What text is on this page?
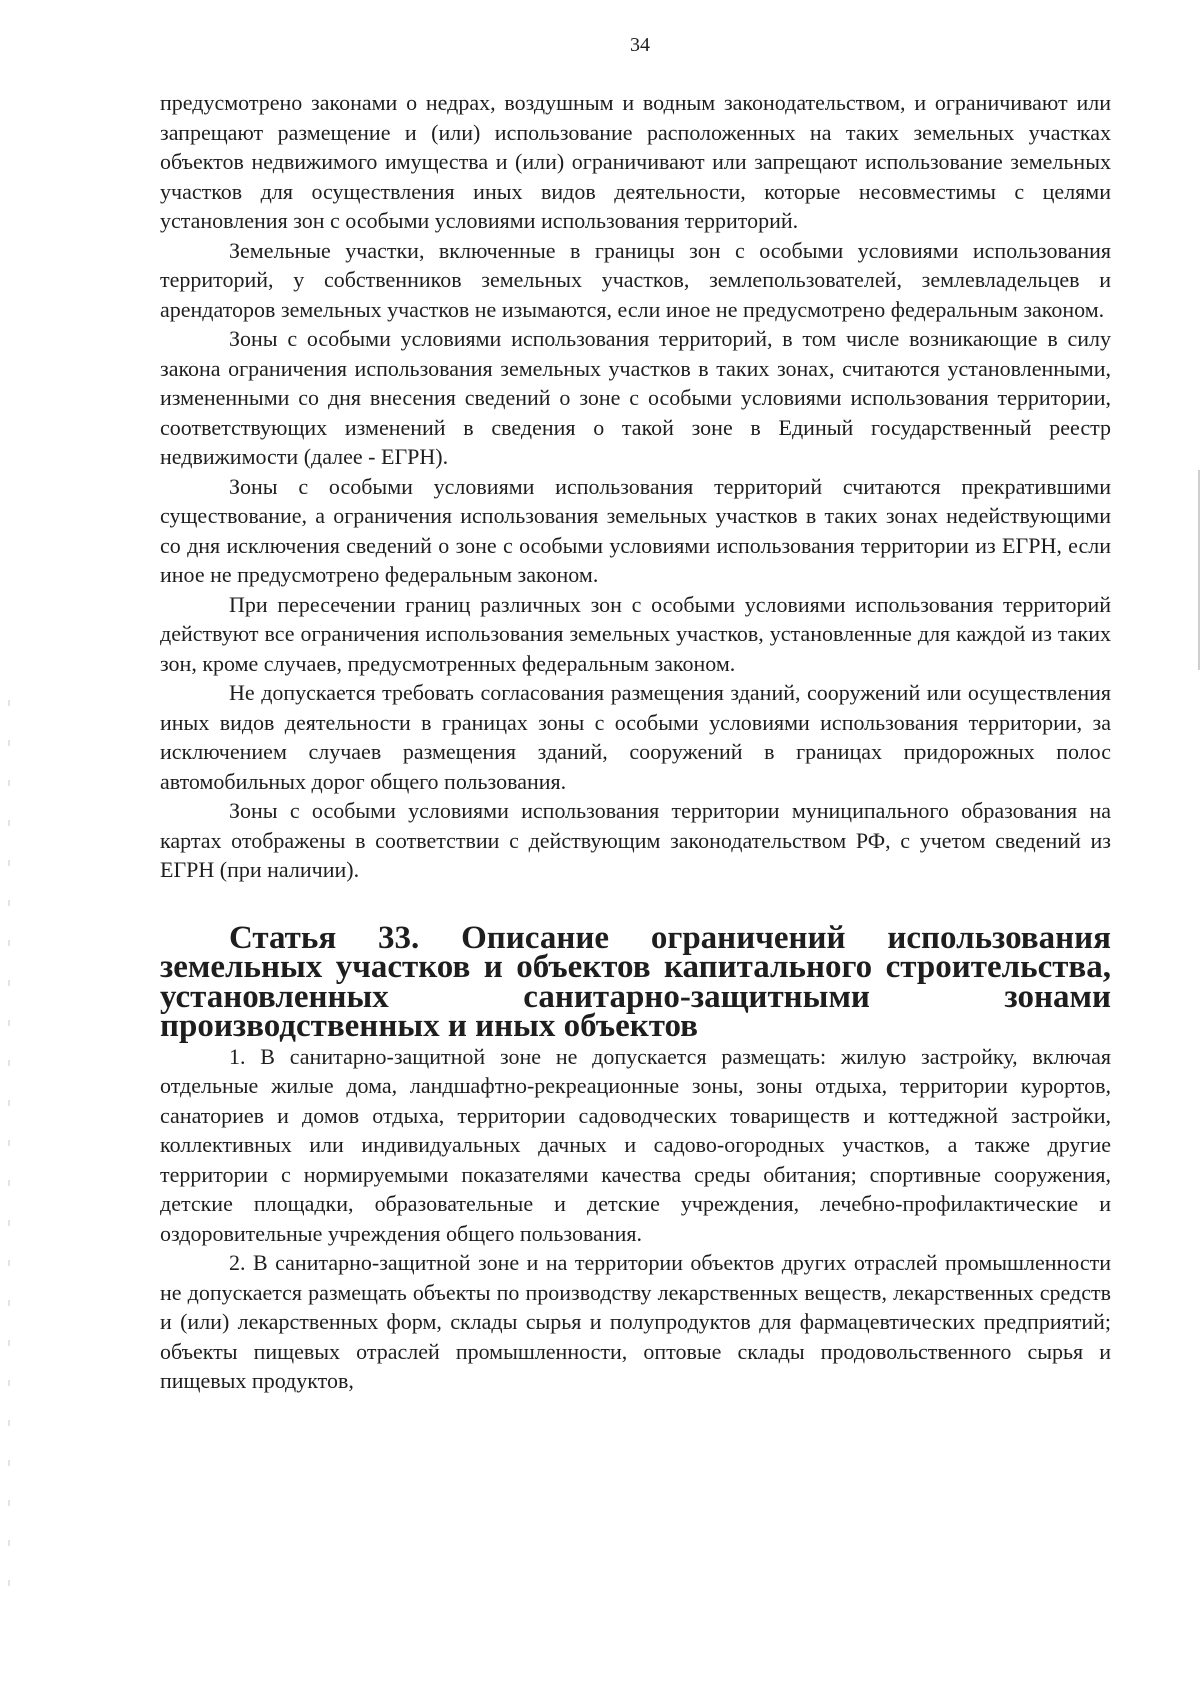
34

предусмотрено законами о недрах, воздушным и водным законодательством, и ограничивают или запрещают размещение и (или) использование расположенных на таких земельных участках объектов недвижимого имущества и (или) ограничивают или запрещают использование земельных участков для осуществления иных видов деятельности, которые несовместимы с целями установления зон с особыми условиями использования территорий.

Земельные участки, включенные в границы зон с особыми условиями использования территорий, у собственников земельных участков, землепользователей, землевладельцев и арендаторов земельных участков не изымаются, если иное не предусмотрено федеральным законом.

Зоны с особыми условиями использования территорий, в том числе возникающие в силу закона ограничения использования земельных участков в таких зонах, считаются установленными, измененными со дня внесения сведений о зоне с особыми условиями использования территории, соответствующих изменений в сведения о такой зоне в Единый государственный реестр недвижимости (далее - ЕГРН).

Зоны с особыми условиями использования территорий считаются прекратившими существование, а ограничения использования земельных участков в таких зонах недействующими со дня исключения сведений о зоне с особыми условиями использования территории из ЕГРН, если иное не предусмотрено федеральным законом.

При пересечении границ различных зон с особыми условиями использования территорий действуют все ограничения использования земельных участков, установленные для каждой из таких зон, кроме случаев, предусмотренных федеральным законом.

Не допускается требовать согласования размещения зданий, сооружений или осуществления иных видов деятельности в границах зоны с особыми условиями использования территории, за исключением случаев размещения зданий, сооружений в границах придорожных полос автомобильных дорог общего пользования.

Зоны с особыми условиями использования территории муниципального образования на картах отображены в соответствии с действующим законодательством РФ, с учетом сведений из ЕГРН (при наличии).

Статья 33. Описание ограничений использования земельных участков и объектов капитального строительства, установленных санитарно-защитными зонами производственных и иных объектов

1. В санитарно-защитной зоне не допускается размещать: жилую застройку, включая отдельные жилые дома, ландшафтно-рекреационные зоны, зоны отдыха, территории курортов, санаториев и домов отдыха, территории садоводческих товариществ и коттеджной застройки, коллективных или индивидуальных дачных и садово-огородных участков, а также другие территории с нормируемыми показателями качества среды обитания; спортивные сооружения, детские площадки, образовательные и детские учреждения, лечебно-профилактические и оздоровительные учреждения общего пользования.

2. В санитарно-защитной зоне и на территории объектов других отраслей промышленности не допускается размещать объекты по производству лекарственных веществ, лекарственных средств и (или) лекарственных форм, склады сырья и полупродуктов для фармацевтических предприятий; объекты пищевых отраслей промышленности, оптовые склады продовольственного сырья и пищевых продуктов,
